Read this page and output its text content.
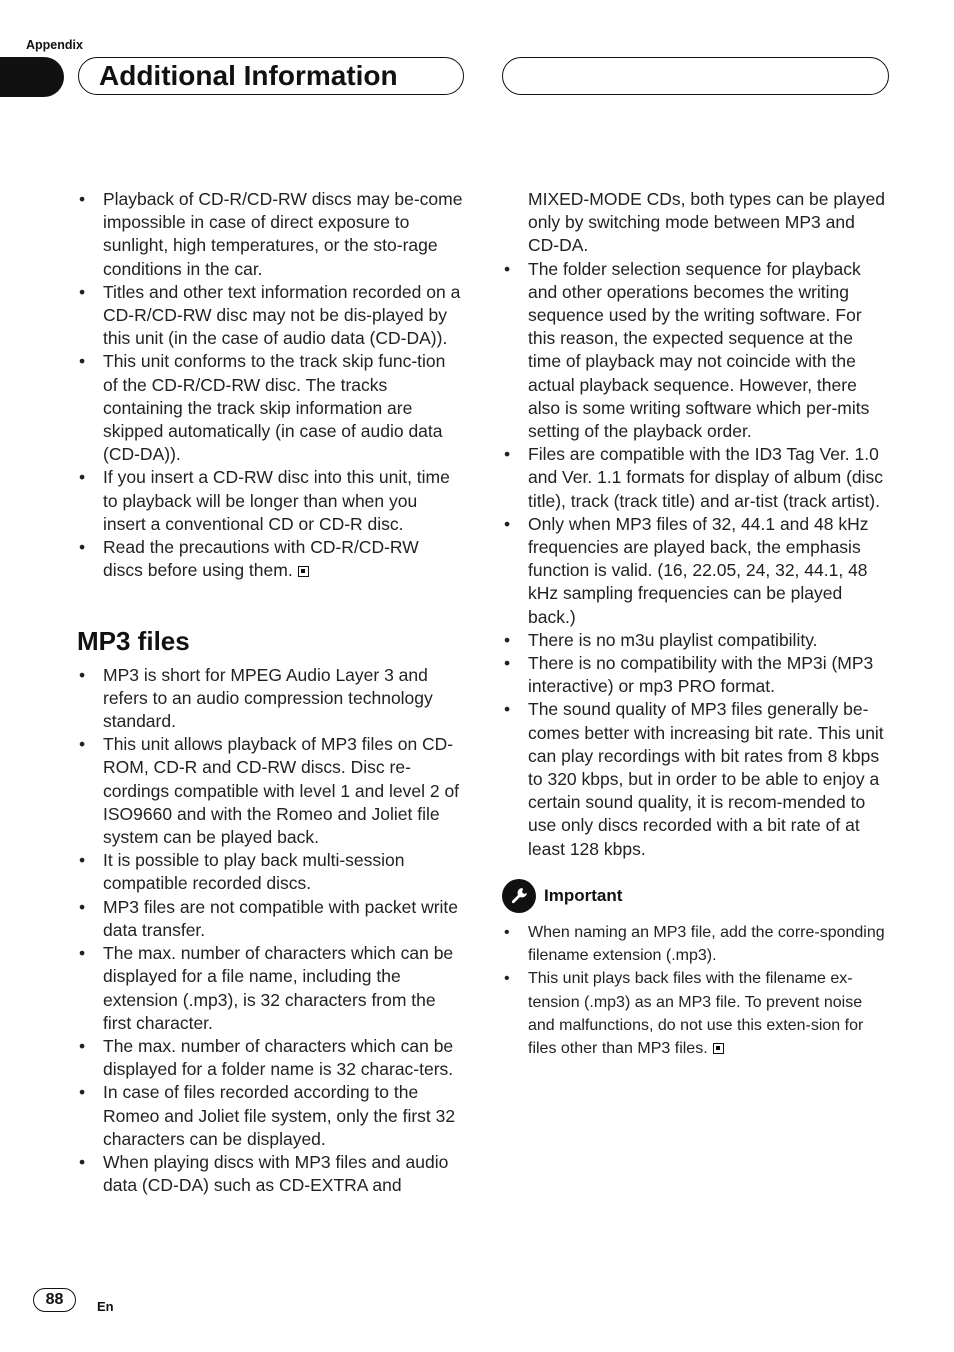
Appendix
Additional Information
• Playback of CD-R/CD-RW discs may be-come impossible in case of direct exposure to sunlight, high temperatures, or the sto-rage conditions in the car.
• Titles and other text information recorded on a CD-R/CD-RW disc may not be dis-played by this unit (in the case of audio data (CD-DA)).
• This unit conforms to the track skip func-tion of the CD-R/CD-RW disc. The tracks containing the track skip information are skipped automatically (in case of audio data (CD-DA)).
• If you insert a CD-RW disc into this unit, time to playback will be longer than when you insert a conventional CD or CD-R disc.
• Read the precautions with CD-R/CD-RW discs before using them.
MP3 files
• MP3 is short for MPEG Audio Layer 3 and refers to an audio compression technology standard.
• This unit allows playback of MP3 files on CD-ROM, CD-R and CD-RW discs. Disc re-cordings compatible with level 1 and level 2 of ISO9660 and with the Romeo and Joliet file system can be played back.
• It is possible to play back multi-session compatible recorded discs.
• MP3 files are not compatible with packet write data transfer.
• The max. number of characters which can be displayed for a file name, including the extension (.mp3), is 32 characters from the first character.
• The max. number of characters which can be displayed for a folder name is 32 charac-ters.
• In case of files recorded according to the Romeo and Joliet file system, only the first 32 characters can be displayed.
• When playing discs with MP3 files and audio data (CD-DA) such as CD-EXTRA and
MIXED-MODE CDs, both types can be played only by switching mode between MP3 and CD-DA.
• The folder selection sequence for playback and other operations becomes the writing sequence used by the writing software. For this reason, the expected sequence at the time of playback may not coincide with the actual playback sequence. However, there also is some writing software which per-mits setting of the playback order.
• Files are compatible with the ID3 Tag Ver. 1.0 and Ver. 1.1 formats for display of album (disc title), track (track title) and ar-tist (track artist).
• Only when MP3 files of 32, 44.1 and 48 kHz frequencies are played back, the emphasis function is valid. (16, 22.05, 24, 32, 44.1, 48 kHz sampling frequencies can be played back.)
• There is no m3u playlist compatibility.
• There is no compatibility with the MP3i (MP3 interactive) or mp3 PRO format.
• The sound quality of MP3 files generally be-comes better with increasing bit rate. This unit can play recordings with bit rates from 8 kbps to 320 kbps, but in order to be able to enjoy a certain sound quality, it is recom-mended to use only discs recorded with a bit rate of at least 128 kbps.
Important
• When naming an MP3 file, add the corre-sponding filename extension (.mp3).
• This unit plays back files with the filename ex-tension (.mp3) as an MP3 file. To prevent noise and malfunctions, do not use this exten-sion for files other than MP3 files.
88	En
